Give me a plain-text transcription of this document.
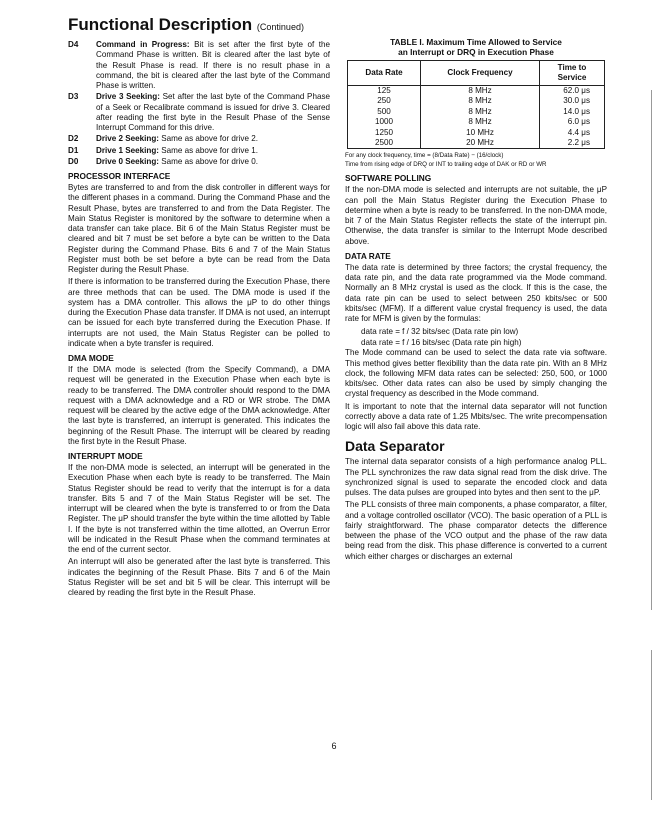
Functional Description (Continued)
D4	Command in Progress: Bit is set after the first byte of the Command Phase is written. Bit is cleared after the last byte of the Result Phase is read. If there is no result phase in a command, the bit is cleared after the last byte of the Command Phase is written.
D3	Drive 3 Seeking: Set after the last byte of the Command Phase of a Seek or Recalibrate command is issued for drive 3. Cleared after reading the first byte in the Result Phase of the Sense Interrupt Command for this drive.
D2	Drive 2 Seeking: Same as above for drive 2.
D1	Drive 1 Seeking: Same as above for drive 1.
D0	Drive 0 Seeking: Same as above for drive 0.
PROCESSOR INTERFACE

Bytes are transferred to and from the disk controller in different ways for the different phases in a command. During the Command Phase and the Result Phase, bytes are transferred to and from the Data Register. The Main Status Register is monitored by the software to determine when a data transfer can take place. Bit 6 of the Main Status Register must be cleared and bit 7 must be set before a byte can be written to the Data Register during the Command Phase. Bits 6 and 7 of the Main Status Register must both be set before a byte can be read from the Data Register during the Result Phase.

If there is information to be transferred during the Execution Phase, there are three methods that can be used. The DMA mode is used if the system has a DMA controller. This allows the μP to do other things during the Execution Phase data transfer. If DMA is not used, an interrupt can be issued for each byte transferred during the Execution Phase. If interrupts are not used, the Main Status Register can be polled to indicate when a byte transfer is required.

DMA MODE

If the DMA mode is selected (from the Specify Command), a DMA request will be generated in the Execution Phase when each byte is ready to be transferred. The DMA controller should respond to the DMA request with a DMA acknowledge and a RD or WR strobe. The DMA request will be cleared by the active edge of the DMA acknowledge. After the last byte is transferred, an interrupt is generated. This indicates the beginning of the Result Phase. The interrupt will be cleared by reading the first byte in the Result Phase.

INTERRUPT MODE

If the non-DMA mode is selected, an interrupt will be generated in the Execution Phase when each byte is ready to be transferred. The Main Status Register should be read to verify that the interrupt is for a data transfer. Bits 5 and 7 of the Main Status Register will be set. The interrupt will be cleared when the byte is transferred to or from the Data Register. The μP should transfer the byte within the time allotted by Table I. If the byte is not transferred within the time allotted, an Overrun Error will be indicated in the Result Phase when the command terminates at the end of the current sector.

An interrupt will also be generated after the last byte is transferred. This indicates the beginning of the Result Phase. Bits 7 and 6 of the Main Status Register will be set and bit 5 will be clear. This interrupt will be cleared by reading the first byte in the Result Phase.

TABLE I. Maximum Time Allowed to Service
an Interrupt or DRQ in Execution Phase
Data Rate	Clock Frequency	Time to Service
125	8 MHz	62.0 μs
250	8 MHz	30.0 μs
500	8 MHz	14.0 μs
1000	8 MHz	6.0 μs
1250	10 MHz	4.4 μs
2500	20 MHz	2.2 μs
For any clock frequency, time = (8/Data Rate) − (16/clock)
Time from rising edge of DRQ or INT to trailing edge of DAK or RD or WR
SOFTWARE POLLING

If the non-DMA mode is selected and interrupts are not suitable, the μP can poll the Main Status Register during the Execution Phase to determine when a byte is ready to be transferred. In the non-DMA mode, bit 7 of the Main Status Register reflects the state of the interrupt pin. Otherwise, the data transfer is similar to the Interrupt Mode described above.

DATA RATE

The data rate is determined by three factors; the crystal frequency, the data rate pin, and the data rate programmed via the Mode command. Normally an 8 MHz crystal is used as the clock. If this is the case, the data rate pin can be used to select between 250 kbits/sec or 500 kbits/sec (MFM). If a different value crystal frequency is used, the data rate for MFM is given by the formulas:

data rate = f / 32 bits/sec (Data rate pin low)
data rate = f / 16 bits/sec (Data rate pin high)

The Mode command can be used to select the data rate via software. This method gives better flexibility than the data rate pin. With an 8 MHz clock, the following MFM data rates can be selected: 250, 500, or 1000 kbits/sec. Other data rates can also be used by simply changing the crystal frequency as described in the Mode command.

It is important to note that the internal data separator will not function correctly above a data rate of 1.25 Mbits/sec. The write precompensation logic will also fail above this data rate.

Data Separator

The internal data separator consists of a high performance analog PLL. The PLL synchronizes the raw data signal read from the disk drive. The synchronized signal is used to separate the encoded clock and data pulses. The data pulses are grouped into bytes and then sent to the μP.

The PLL consists of three main components, a phase comparator, a filter, and a voltage controlled oscillator (VCO). The basic operation of a PLL is fairly straightforward. The phase comparator detects the difference between the phase of the VCO output and the phase of the raw data being read from the disk. This phase difference is converted to a current which either charges or discharges an external

6
